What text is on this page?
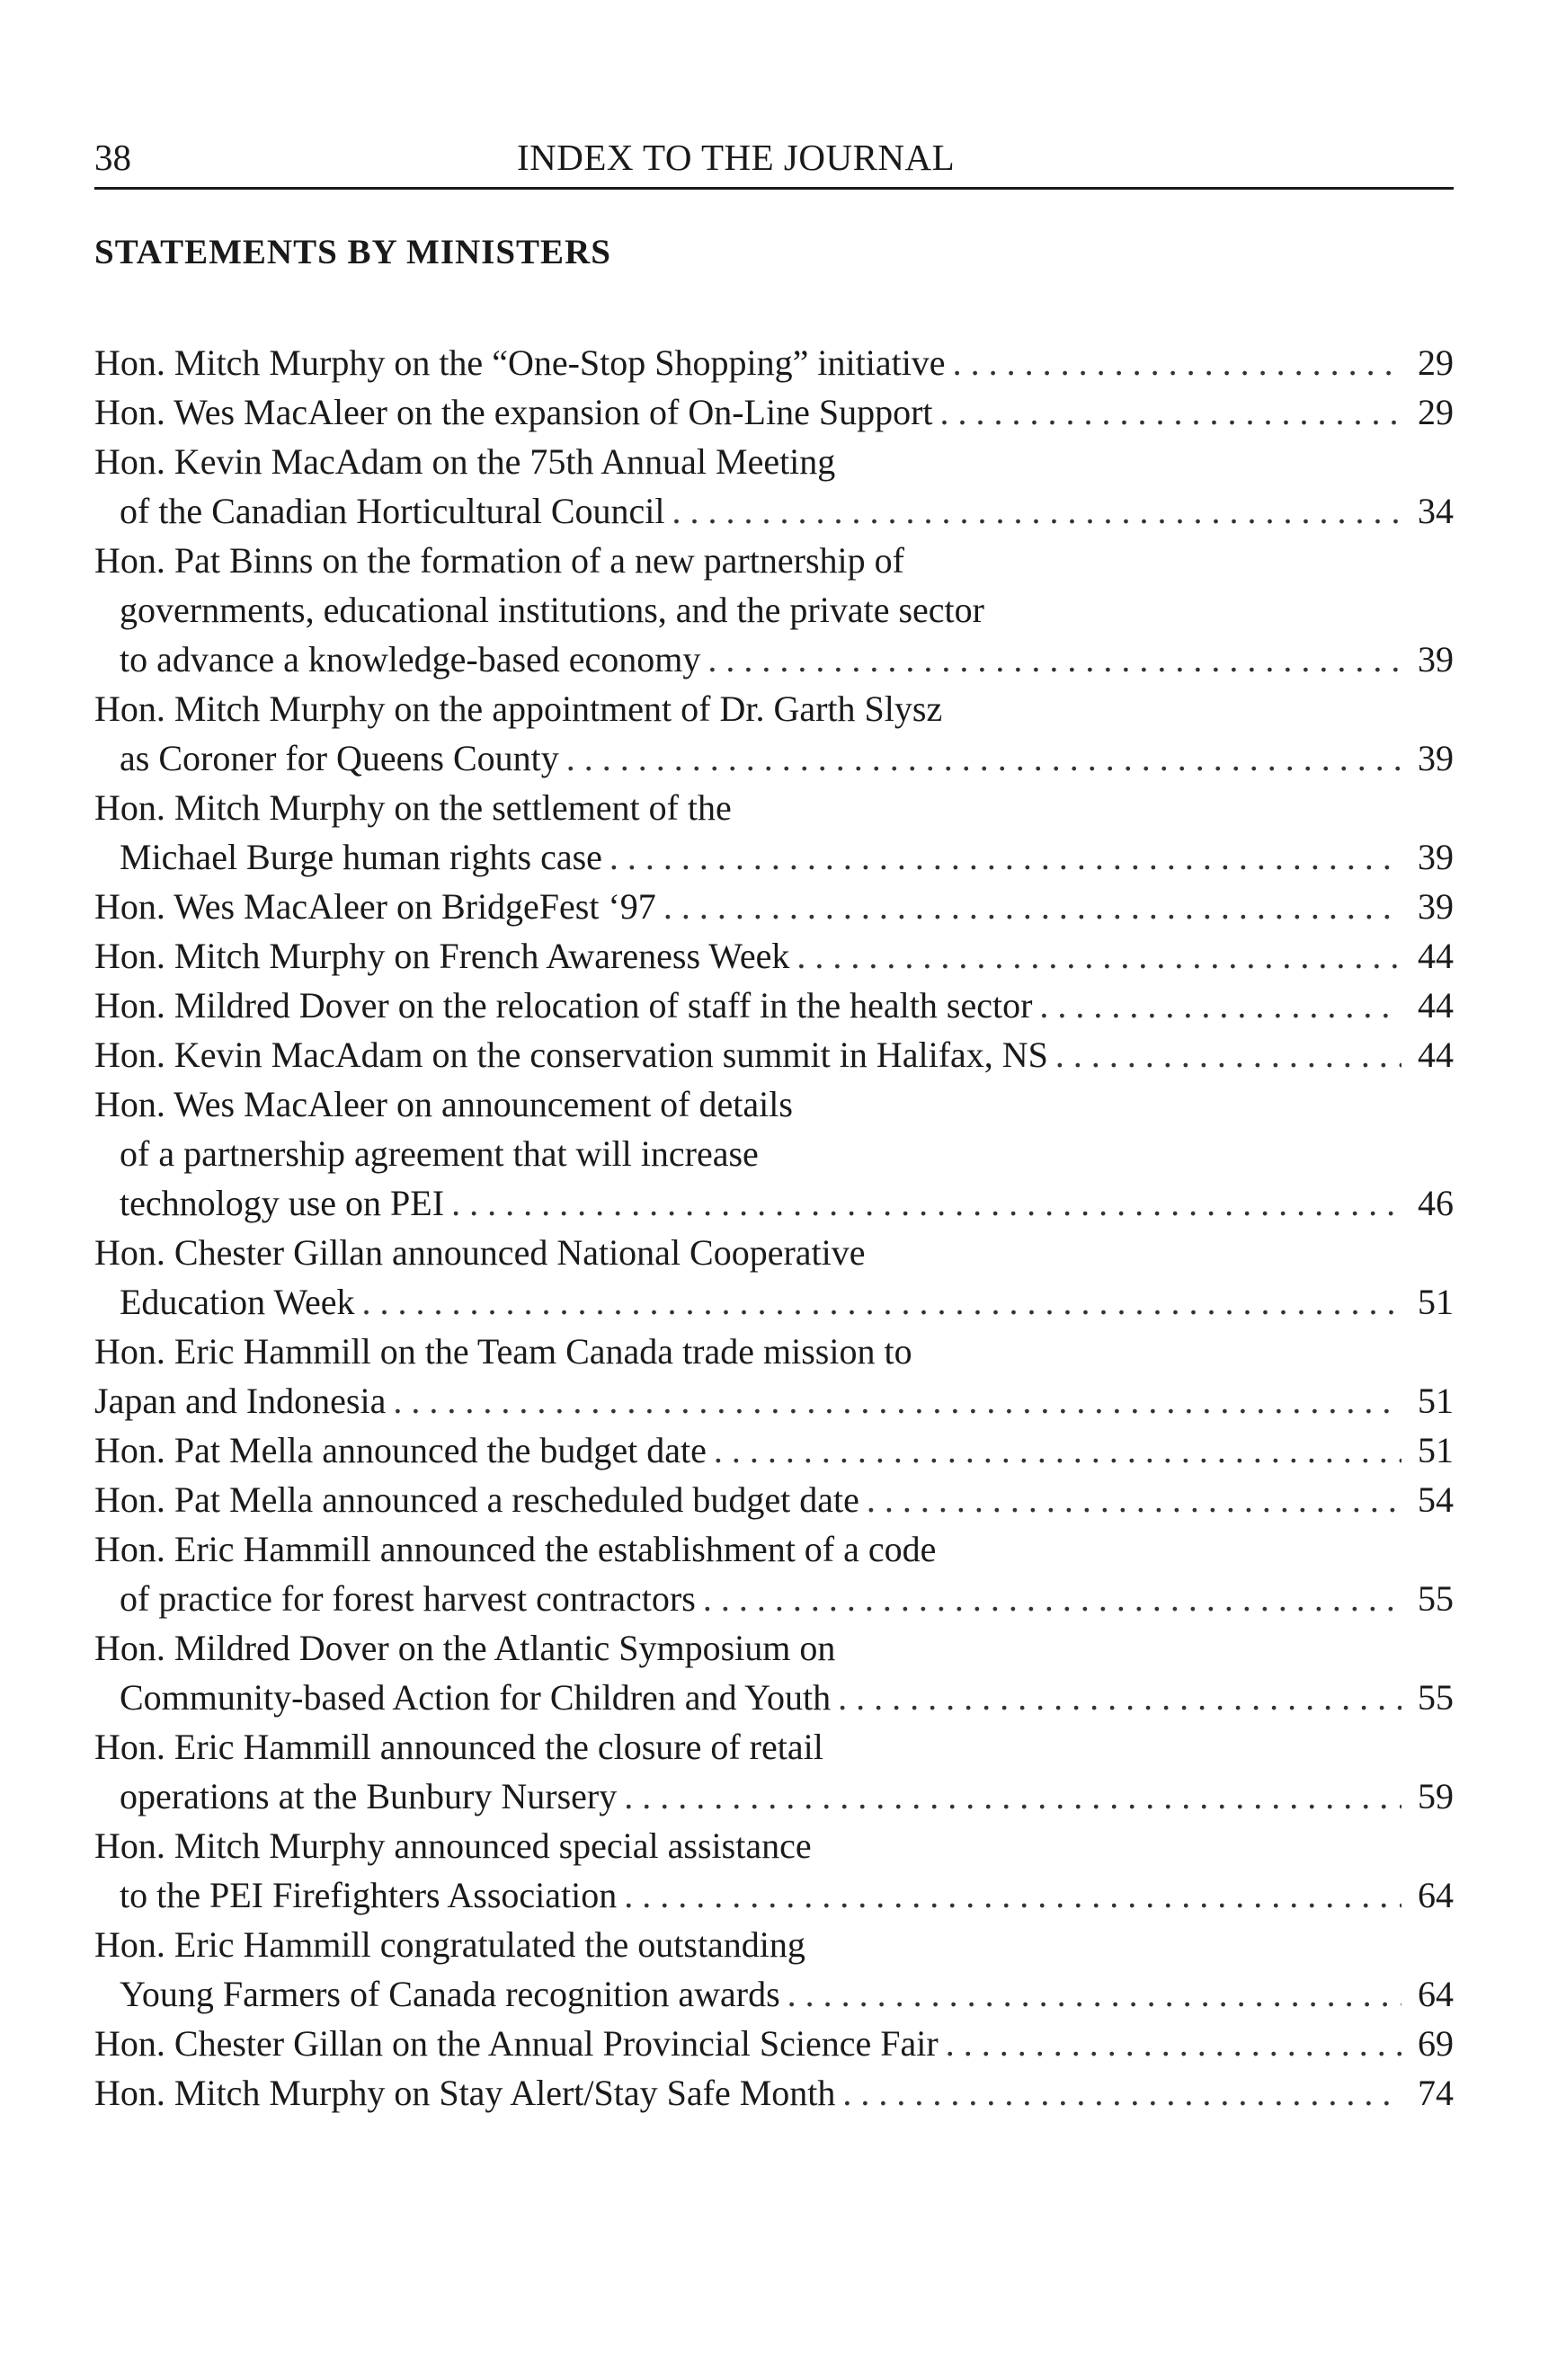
38	INDEX TO THE JOURNAL
STATEMENTS BY MINISTERS
Hon. Mitch Murphy on the “One-Stop Shopping” initiative . . .	29
Hon. Wes MacAleer on the expansion of On-Line Support . . .	29
Hon. Kevin MacAdam on the 75th Annual Meeting
of the Canadian Horticultural Council . . .	34
Hon. Pat Binns on the formation of a new partnership of
governments, educational institutions, and the private sector
to advance a knowledge-based economy . . .	39
Hon. Mitch Murphy on the appointment of Dr. Garth Slysz
as Coroner for Queens County . . .	39
Hon. Mitch Murphy on the settlement of the
Michael Burge human rights case . . .	39
Hon. Wes MacAleer on BridgeFest ‘97 . . .	39
Hon. Mitch Murphy on French Awareness Week . . .	44
Hon. Mildred Dover on the relocation of staff in the health sector . . .	44
Hon. Kevin MacAdam on the conservation summit in Halifax, NS . . .	44
Hon. Wes MacAleer on announcement of details
of a partnership agreement that will increase
technology use on PEI . . .	46
Hon. Chester Gillan announced National Cooperative
Education Week . . .	51
Hon. Eric Hammill on the Team Canada trade mission to
Japan and Indonesia . . .	51
Hon. Pat Mella announced the budget date . . .	51
Hon. Pat Mella announced a rescheduled budget date . . .	54
Hon. Eric Hammill announced the establishment of a code
of practice for forest harvest contractors . . .	55
Hon. Mildred Dover on the Atlantic Symposium on
Community-based Action for Children and Youth . . .	55
Hon. Eric Hammill announced the closure of retail
operations at the Bunbury Nursery . . .	59
Hon. Mitch Murphy announced special assistance
to the PEI Firefighters Association . . .	64
Hon. Eric Hammill congratulated the outstanding
Young Farmers of Canada recognition awards . . .	64
Hon. Chester Gillan on the Annual Provincial Science Fair . . .	69
Hon. Mitch Murphy on Stay Alert/Stay Safe Month . . .	74
